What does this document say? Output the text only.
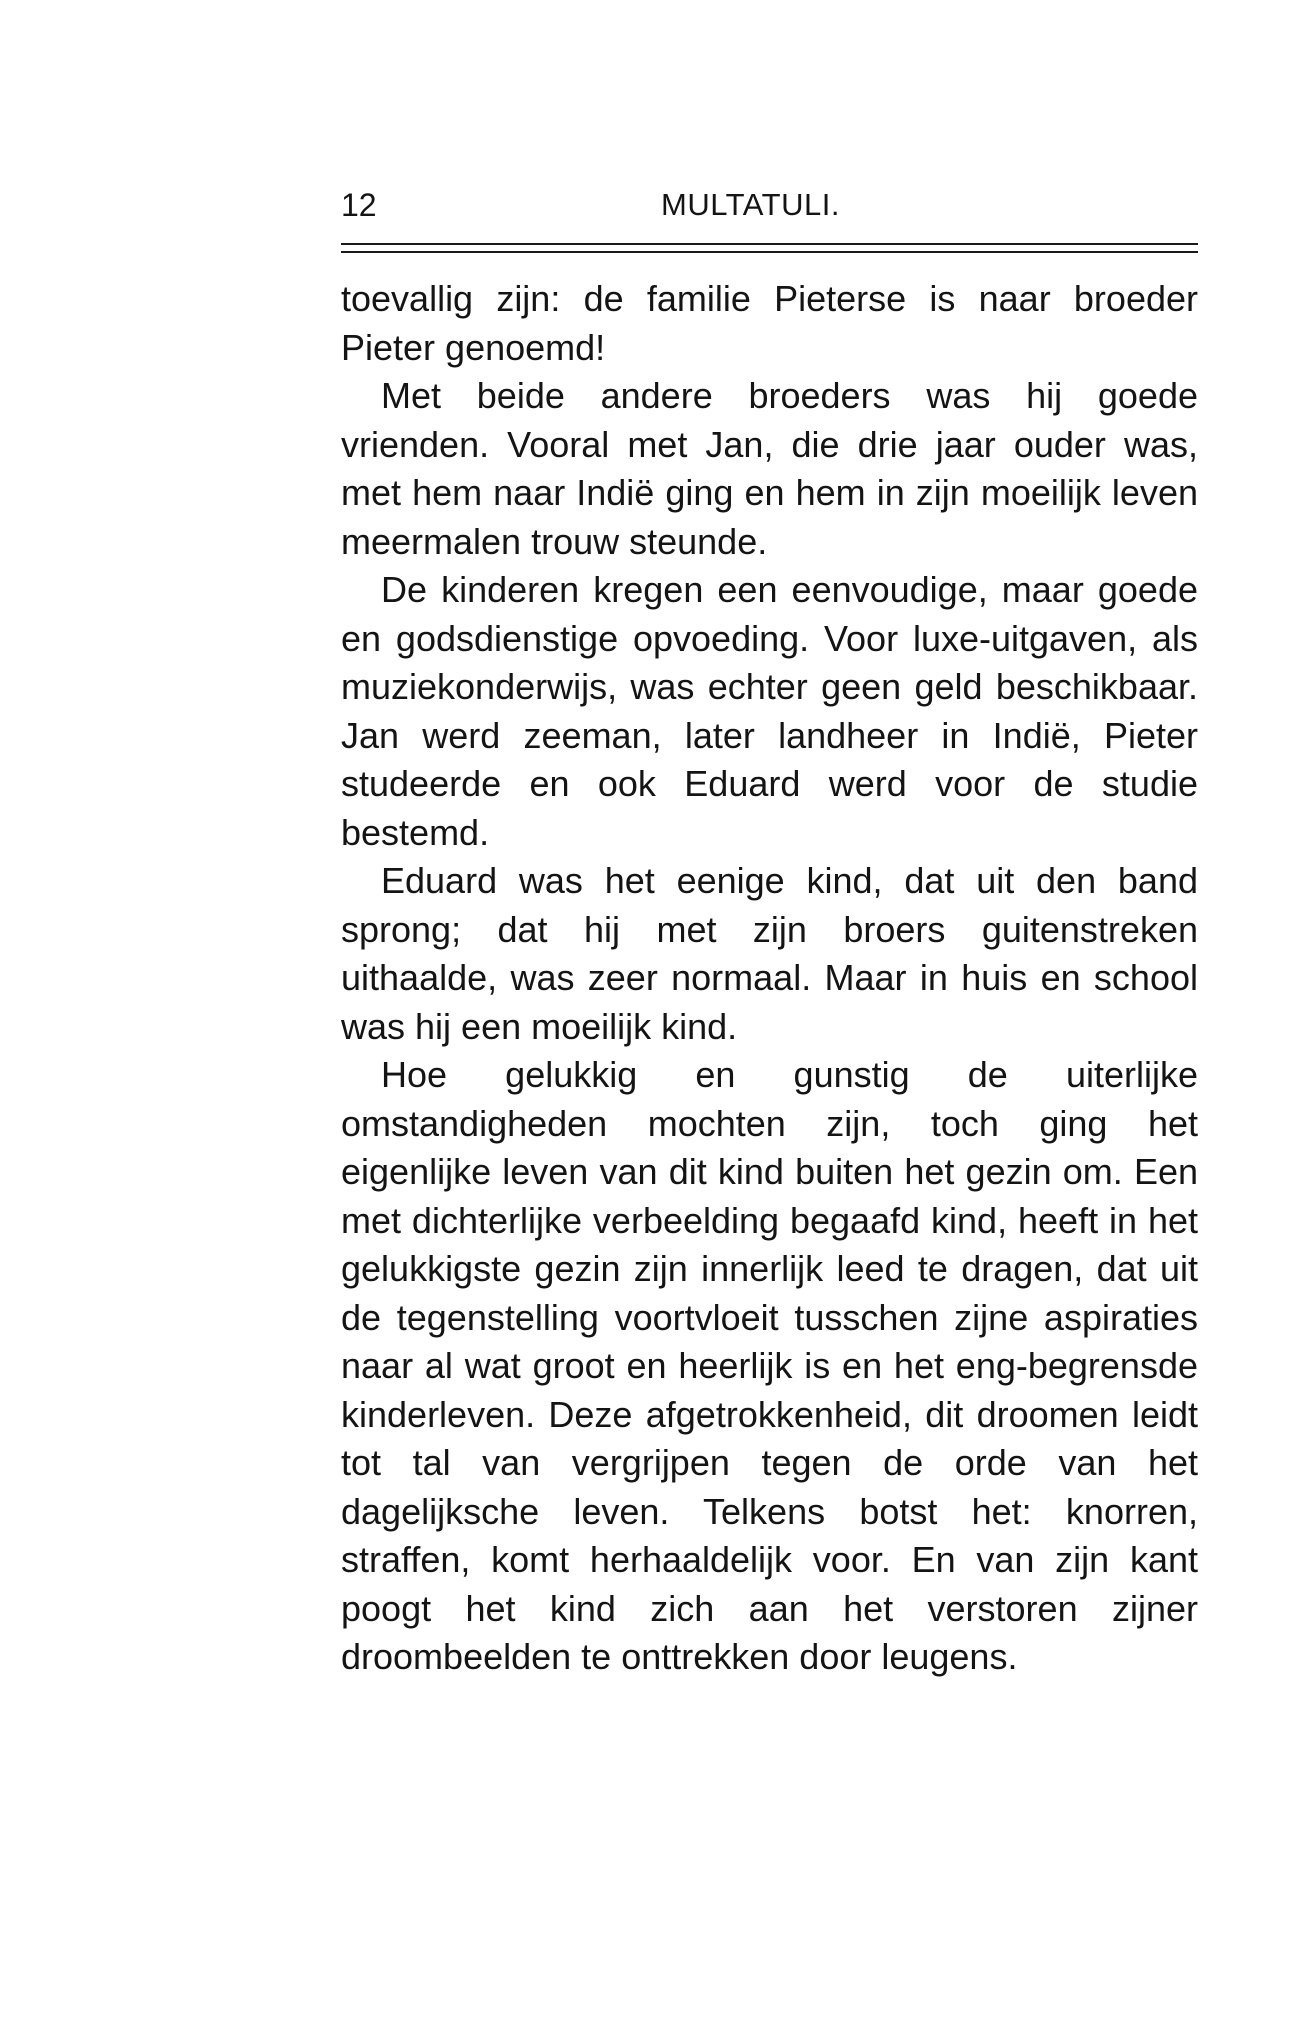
12	MULTATULI.

toevallig zijn: de familie Pieterse is naar broeder Pieter genoemd!

Met beide andere broeders was hij goede vrienden. Vooral met Jan, die drie jaar ouder was, met hem naar Indië ging en hem in zijn moeilijk leven meermalen trouw steunde.

De kinderen kregen een eenvoudige, maar goede en godsdienstige opvoeding. Voor luxe-uitgaven, als muziekonderwijs, was echter geen geld beschikbaar. Jan werd zeeman, later landheer in Indië, Pieter studeerde en ook Eduard werd voor de studie bestemd.

Eduard was het eenige kind, dat uit den band sprong; dat hij met zijn broers guitenstreken uithaalde, was zeer normaal. Maar in huis en school was hij een moeilijk kind.

Hoe gelukkig en gunstig de uiterlijke omstandigheden mochten zijn, toch ging het eigenlijke leven van dit kind buiten het gezin om. Een met dichterlijke verbeelding begaafd kind, heeft in het gelukkigste gezin zijn innerlijk leed te dragen, dat uit de tegenstelling voortvloeit tusschen zijne aspiraties naar al wat groot en heerlijk is en het eng-begrensde kinderleven. Deze afgetrokkenheid, dit droomen leidt tot tal van vergrijpen tegen de orde van het dagelijksche leven. Telkens botst het: knorren, straffen, komt herhaaldelijk voor. En van zijn kant poogt het kind zich aan het verstoren zijner droombeelden te onttrekken door leugens.
